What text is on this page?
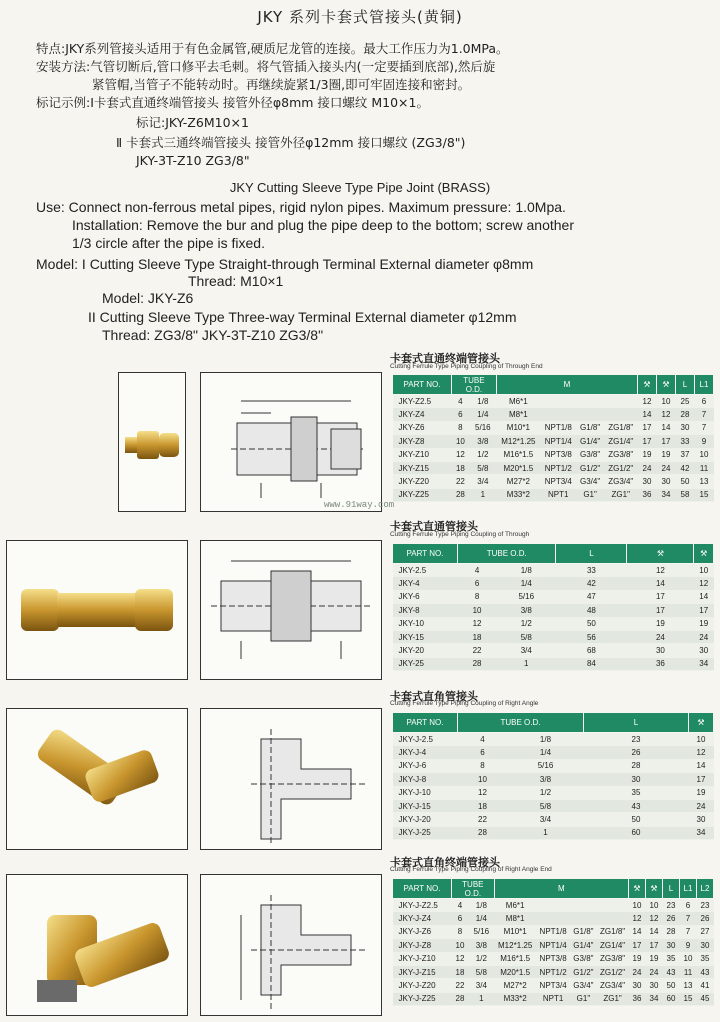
JKY 系列卡套式管接头(黄铜)
特点:JKY系列管接头适用于有色金属管,硬质尼龙管的连接。最大工作压力为1.0MPa。
安装方法:气管切断后,管口修平去毛刺。将气管插入接头内(一定要插到底部),然后旋
紧管帽,当管子不能转动时。再继续旋紧1/3圈,即可牢固连接和密封。
标记示例:Ⅰ卡套式直通终端管接头 接管外径φ8mm 接口螺纹 M10×1。
标记:JKY-Z6M10×1
Ⅱ 卡套式三通终端管接头 接管外径φ12mm 接口螺纹 (ZG3/8")
JKY-3T-Z10 ZG3/8"
JKY Cutting Sleeve Type Pipe Joint (BRASS)
Use: Connect non-ferrous metal pipes, rigid nylon pipes. Maximum pressure: 1.0Mpa.
Installation: Remove the bur and plug the pipe deep to the bottom; screw another
1/3 circle after the pipe is fixed.
Model: I Cutting Sleeve Type Straight-through Terminal External diameter φ8mm
Thread: M10×1
Model: JKY-Z6
II Cutting Sleeve Type Three-way Terminal External diameter φ12mm
Thread: ZG3/8" JKY-3T-Z10 ZG3/8"
卡套式直通终端管接头
Cutting Ferrule Type Piping Coupling of Through End
PART NO.	TUBE O.D.		M				⚒	⚒	L	L1
JKY-Z2.5	4	1/8	M6*1				12	10	25	6
JKY-Z4	6	1/4	M8*1				14	12	28	7
JKY-Z6	8	5/16	M10*1	NPT1/8	G1/8"	ZG1/8"	17	14	30	7
JKY-Z8	10	3/8	M12*1.25	NPT1/4	G1/4"	ZG1/4"	17	17	33	9
JKY-Z10	12	1/2	M16*1.5	NPT3/8	G3/8"	ZG3/8"	19	19	37	10
JKY-Z15	18	5/8	M20*1.5	NPT1/2	G1/2"	ZG1/2"	24	24	42	11
JKY-Z20	22	3/4	M27*2	NPT3/4	G3/4"	ZG3/4"	30	30	50	13
JKY-Z25	28	1	M33*2	NPT1	G1"	ZG1"	36	34	58	15
www.91way.com
卡套式直通管接头
Cutting Ferrule Type Piping Coupling of Through
PART NO.	TUBE O.D.		L	⚒	⚒
JKY-2.5	4	1/8	33	12	10
JKY-4	6	1/4	42	14	12
JKY-6	8	5/16	47	17	14
JKY-8	10	3/8	48	17	17
JKY-10	12	1/2	50	19	19
JKY-15	18	5/8	56	24	24
JKY-20	22	3/4	68	30	30
JKY-25	28	1	84	36	34
卡套式直角管接头
Cutting Ferrule Type Piping Coupling of Right Angle
PART NO.	TUBE O.D.		L	⚒
JKY-J-2.5	4	1/8	23	10
JKY-J-4	6	1/4	26	12
JKY-J-6	8	5/16	28	14
JKY-J-8	10	3/8	30	17
JKY-J-10	12	1/2	35	19
JKY-J-15	18	5/8	43	24
JKY-J-20	22	3/4	50	30
JKY-J-25	28	1	60	34
卡套式直角终端管接头
Cutting Ferrule Type Piping Coupling of Right Angle End
PART NO.	TUBE O.D.		M				⚒	⚒	L	L1	L2
JKY-J-Z2.5	4	1/8	M6*1				10	10	23	6	23
JKY-J-Z4	6	1/4	M8*1				12	12	26	7	26
JKY-J-Z6	8	5/16	M10*1	NPT1/8	G1/8"	ZG1/8"	14	14	28	7	27
JKY-J-Z8	10	3/8	M12*1.25	NPT1/4	G1/4"	ZG1/4"	17	17	30	9	30
JKY-J-Z10	12	1/2	M16*1.5	NPT3/8	G3/8"	ZG3/8"	19	19	35	10	35
JKY-J-Z15	18	5/8	M20*1.5	NPT1/2	G1/2"	ZG1/2"	24	24	43	11	43
JKY-J-Z20	22	3/4	M27*2	NPT3/4	G3/4"	ZG3/4"	30	30	50	13	41
JKY-J-Z25	28	1	M33*2	NPT1	G1"	ZG1"	36	34	60	15	45
